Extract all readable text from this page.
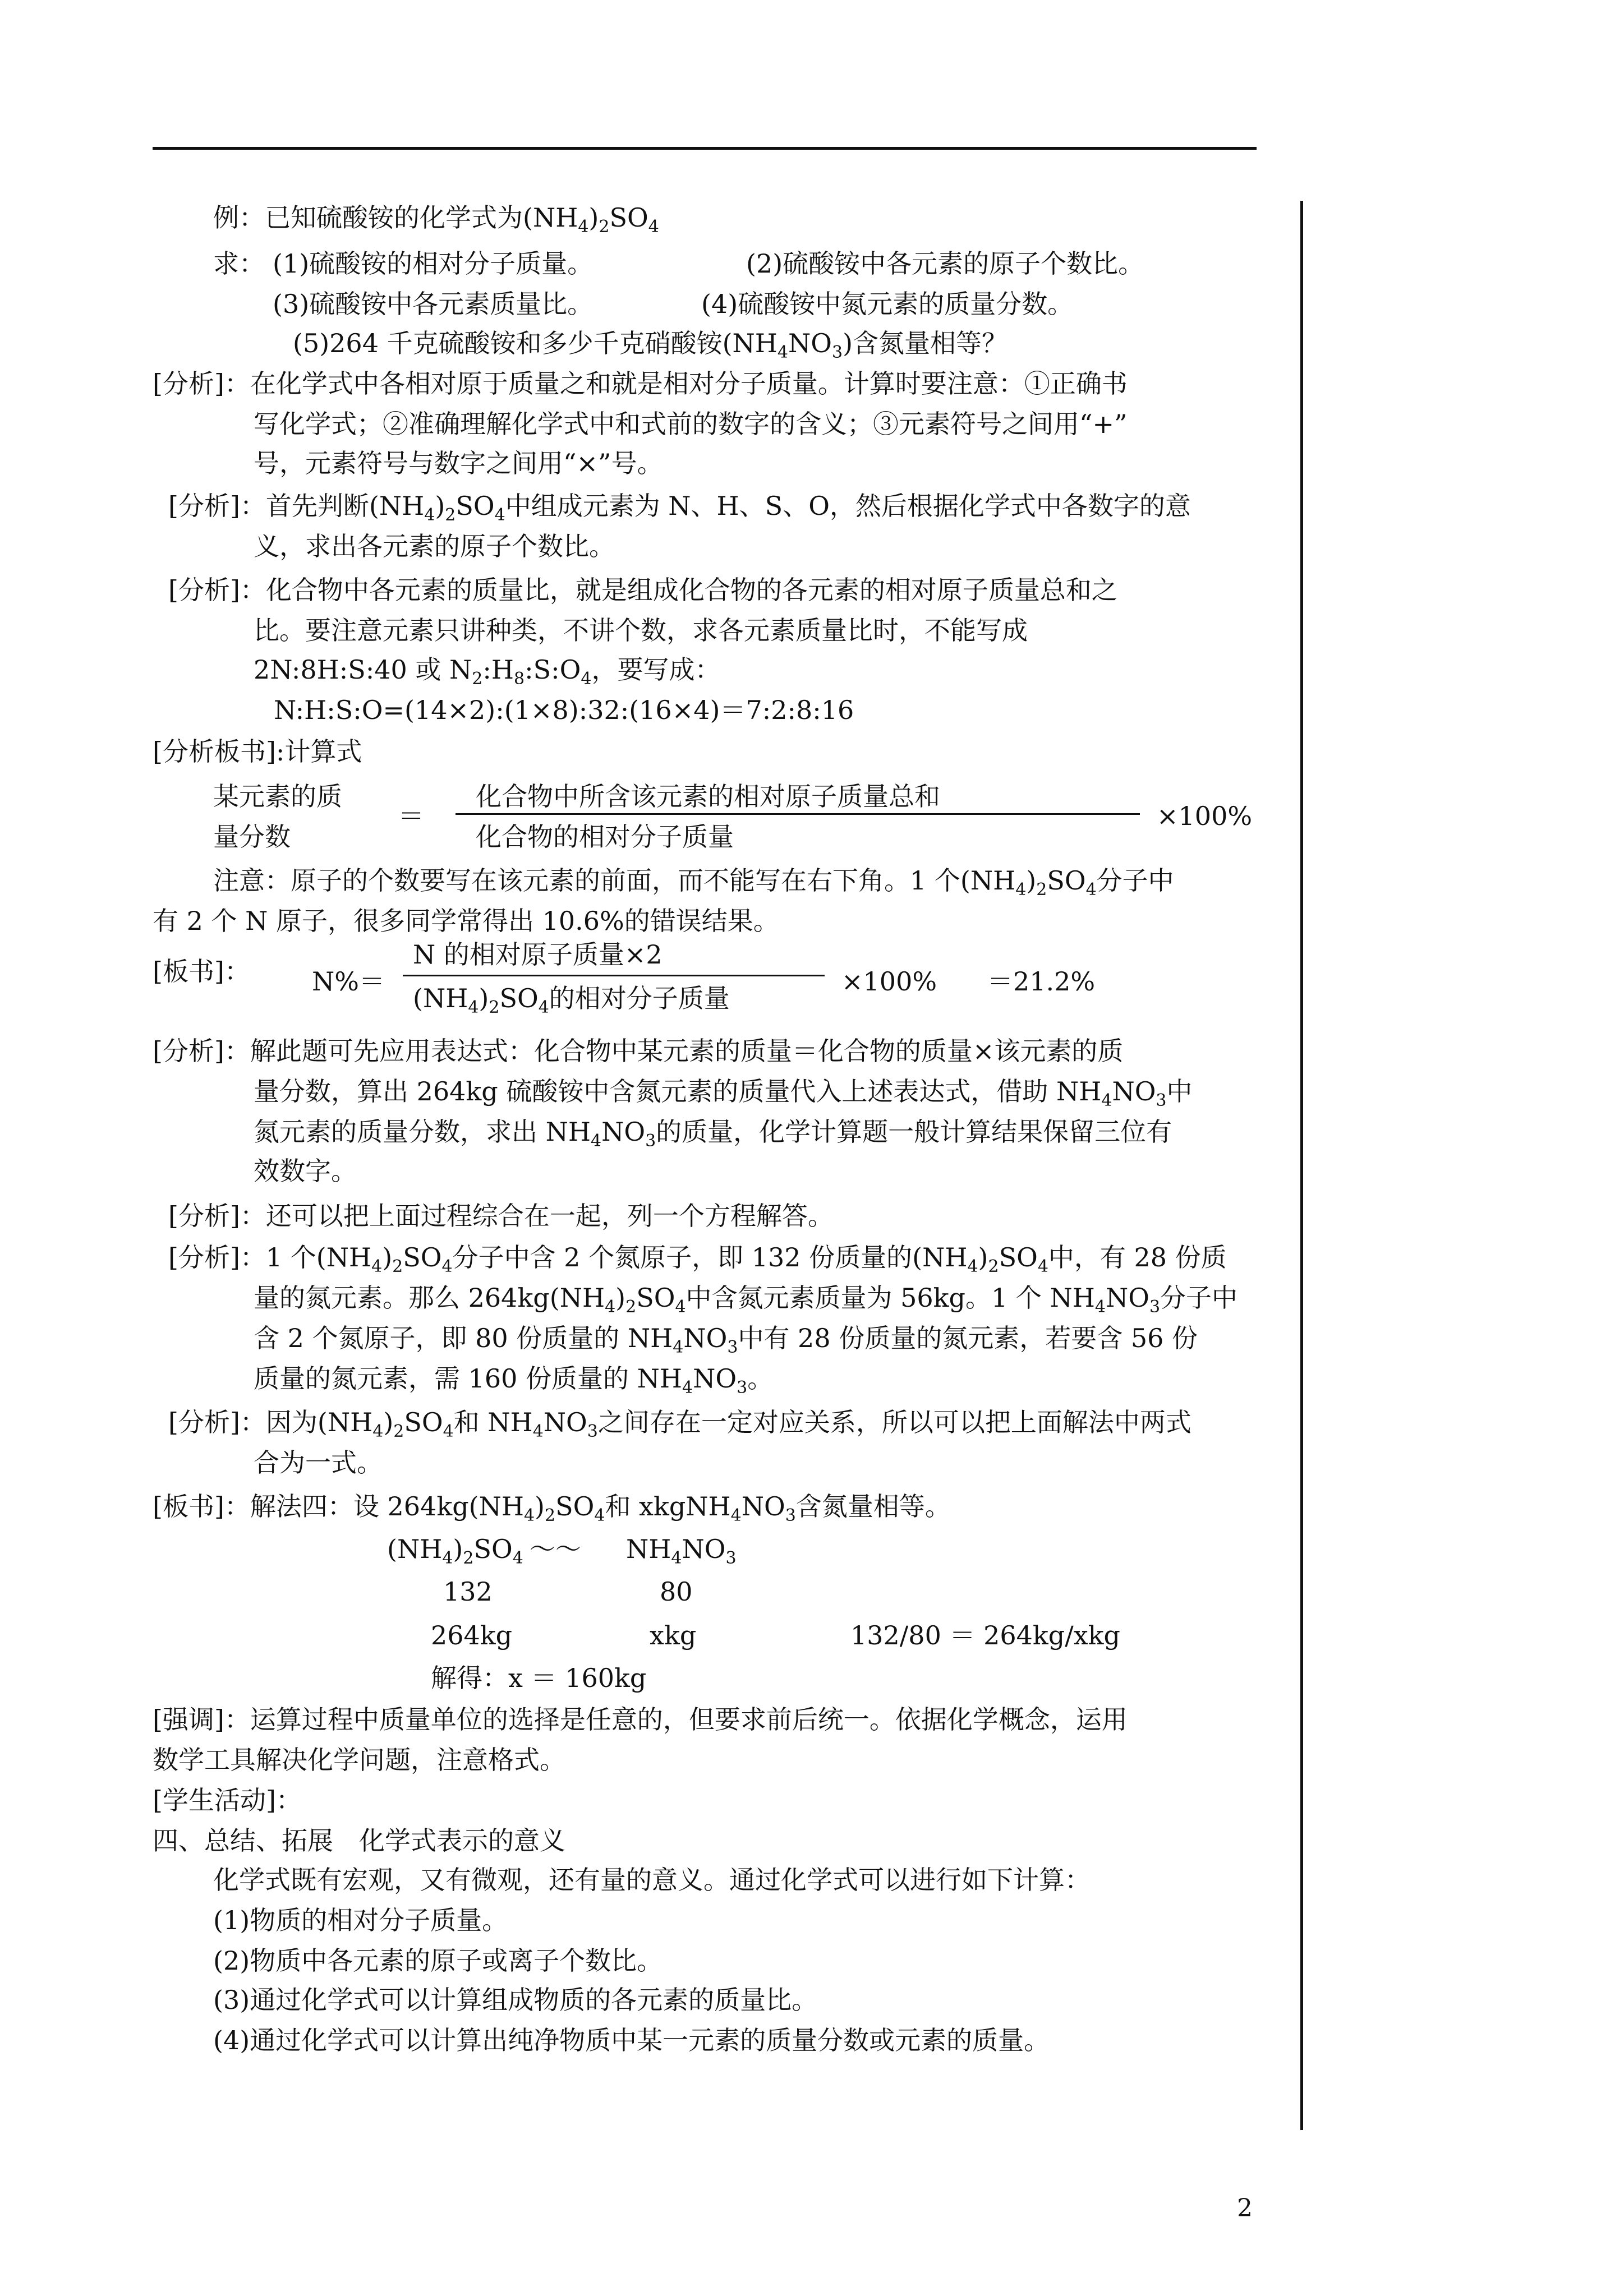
例：已知硫酸铵的化学式为$(NH_4)_2SO_4$
求： (1)硫酸铵的相对分子质量。	(2)硫酸铵中各元素的原子个数比。
(3)硫酸铵中各元素质量比。	(4)硫酸铵中氮元素的质量分数。
(5)264 千克硫酸铵和多少千克硝酸铵$(NH_4NO_3)$含氮量相等？
[分析]：在化学式中各相对原于质量之和就是相对分子质量。计算时要注意：①正确书
写化学式；②准确理解化学式中和式前的数字的含义；③元素符号之间用“+”
号，元素符号与数字之间用“×”号。
[分析]：首先判断$(NH_4)_2SO_4$中组成元素为 N、H、S、O，然后根据化学式中各数字的意
义，求出各元素的原子个数比。
[分析]：化合物中各元素的质量比，就是组成化合物的各元素的相对原子质量总和之
比。要注意元素只讲种类，不讲个数，求各元素质量比时，不能写成
2N:8H:S:40 或 $N_2:H_8:S:O_4$，要写成：
N:H:S:O=(14×2):(1×8):32:(16×4)＝7:2:8:16
[分析板书]:计算式
某元素的质
量分数
＝
化合物中所含该元素的相对原子质量总和
化合物的相对分子质量
×100%
注意：原子的个数要写在该元素的前面，而不能写在右下角。1 个$(NH_4)_2SO_4$分子中
有 2 个 N 原子，很多同学常得出 10.6%的错误结果。
[板书]： N%＝
N 的相对原子质量×2
$(NH_4)_2SO_4$的相对分子质量
×100% ＝21.2%
[分析]：解此题可先应用表达式：化合物中某元素的质量＝化合物的质量×该元素的质
量分数，算出 264kg 硫酸铵中含氮元素的质量代入上述表达式，借助 $NH_4NO_3$中
氮元素的质量分数，求出 $NH_4NO_3$的质量，化学计算题一般计算结果保留三位有
效数字。
[分析]：还可以把上面过程综合在一起，列一个方程解答。
[分析]：1 个$(NH_4)_2SO_4$分子中含 2 个氮原子，即 132 份质量的$(NH_4)_2SO_4$中，有 28 份质
量的氮元素。那么 $264kg(NH_4)_2SO_4$中含氮元素质量为 56kg。1 个 $NH_4NO_3$分子中
含 2 个氮原子，即 80 份质量的 $NH_4NO_3$中有 28 份质量的氮元素，若要含 56 份
质量的氮元素，需 160 份质量的 $NH_4NO_3$。
[分析]：因为$(NH_4)_2SO_4$和 $NH_4NO_3$之间存在一定对应关系，所以可以把上面解法中两式
合为一式。
[板书]：解法四：设 $264kg(NH_4)_2SO_4$和 $xkgNH_4NO_3$含氮量相等。
$(NH_4)_2SO_4$ ～～ $NH_4NO_3$
132	80
264kg	xkg	132/80 ＝ 264kg/xkg
解得：x ＝ 160kg
[强调]：运算过程中质量单位的选择是任意的，但要求前后统一。依据化学概念，运用
数学工具解决化学问题，注意格式。
[学生活动]：
四、总结、拓展　化学式表示的意义
化学式既有宏观，又有微观，还有量的意义。通过化学式可以进行如下计算：
(1)物质的相对分子质量。
(2)物质中各元素的原子或离子个数比。
(3)通过化学式可以计算组成物质的各元素的质量比。
(4)通过化学式可以计算出纯净物质中某一元素的质量分数或元素的质量。
2
